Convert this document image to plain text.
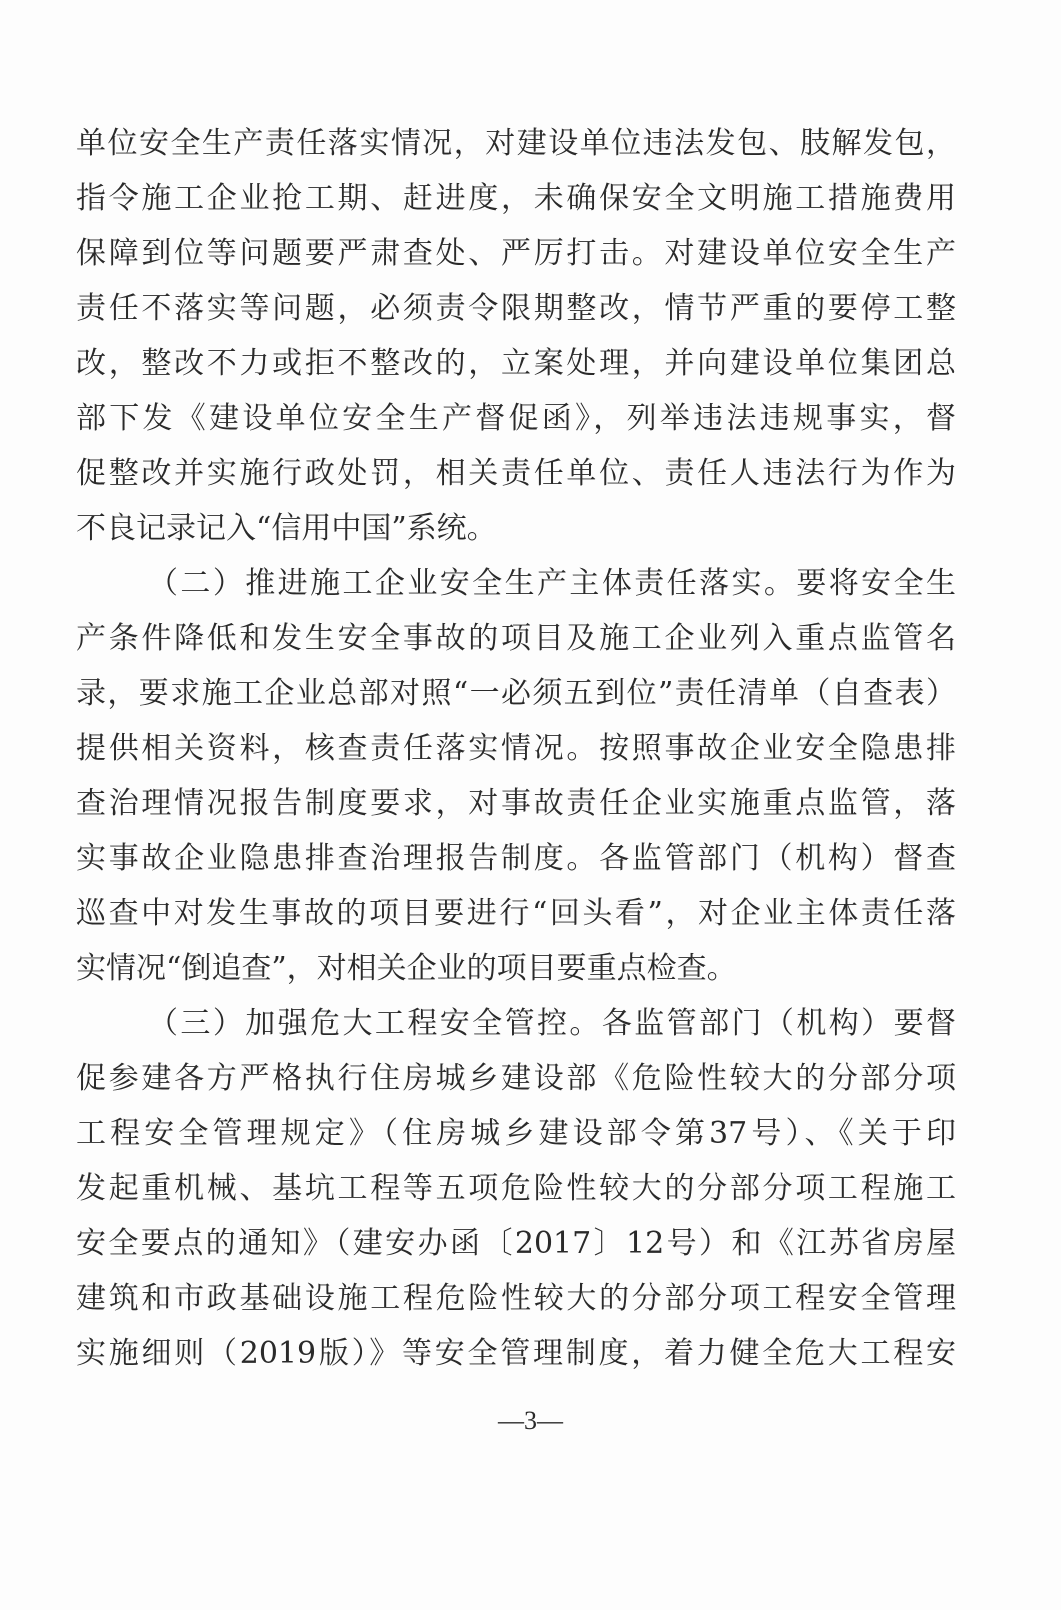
单位安全生产责任落实情况，对建设单位违法发包、肢解发包，
指令施工企业抢工期、赶进度，未确保安全文明施工措施费用
保障到位等问题要严肃查处、严厉打击。对建设单位安全生产
责任不落实等问题，必须责令限期整改，情节严重的要停工整
改，整改不力或拒不整改的，立案处理，并向建设单位集团总
部下发《建设单位安全生产督促函》，列举违法违规事实，督
促整改并实施行政处罚，相关责任单位、责任人违法行为作为
不良记录记入“信用中国”系统。
（二）推进施工企业安全生产主体责任落实。要将安全生
产条件降低和发生安全事故的项目及施工企业列入重点监管名
录，要求施工企业总部对照“一必须五到位”责任清单（自查表）
提供相关资料，核查责任落实情况。按照事故企业安全隐患排
查治理情况报告制度要求，对事故责任企业实施重点监管，落
实事故企业隐患排查治理报告制度。各监管部门（机构）督查
巡查中对发生事故的项目要进行“回头看”，对企业主体责任落
实情况“倒追查”，对相关企业的项目要重点检查。
（三）加强危大工程安全管控。各监管部门（机构）要督
促参建各方严格执行住房城乡建设部《危险性较大的分部分项
工程安全管理规定》（住房城乡建设部令第37号）、《关于印
发起重机械、基坑工程等五项危险性较大的分部分项工程施工
安全要点的通知》（建安办函〔2017〕12号）和《江苏省房屋
建筑和市政基础设施工程危险性较大的分部分项工程安全管理
实施细则（2019版）》等安全管理制度，着力健全危大工程安
—3—
